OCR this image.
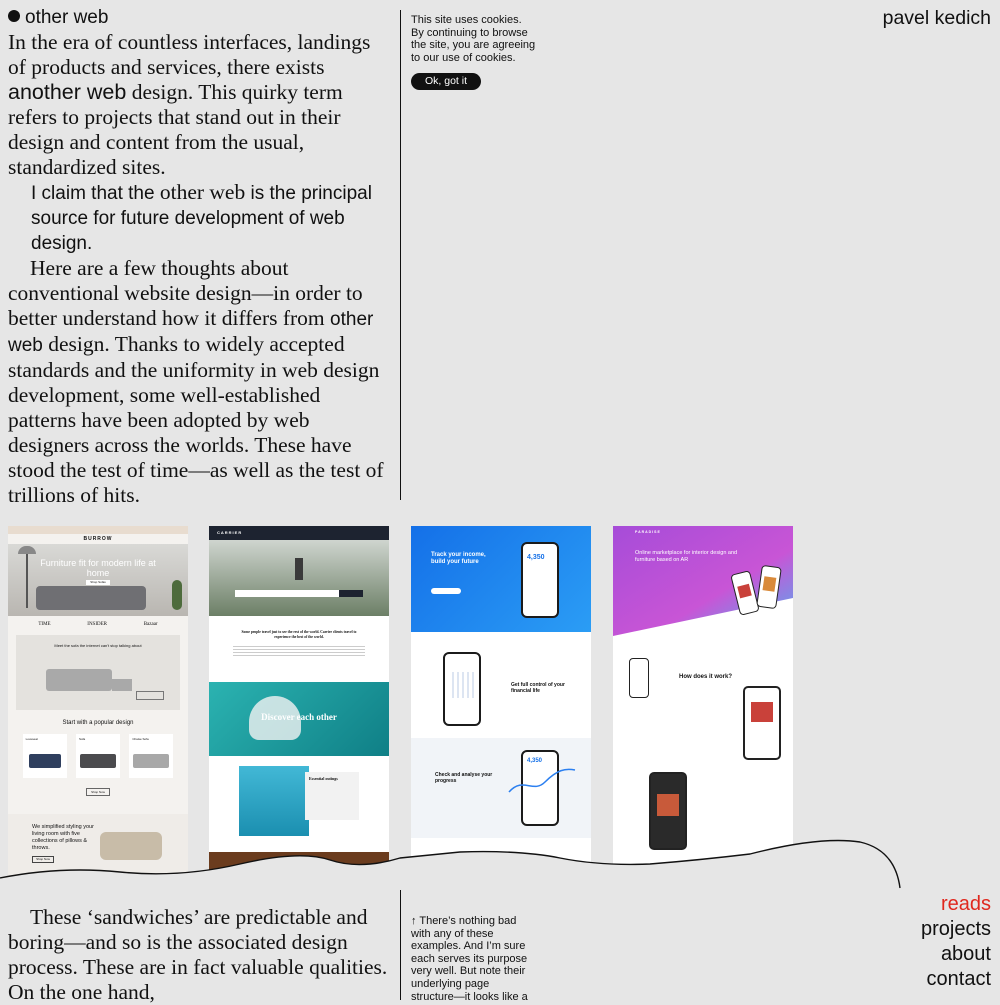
other web

In the era of countless interfaces, landings of products and services, there exists another web design. This quirky term refers to projects that stand out in their design and content from the usual, standardized sites.

I claim that the other web is the principal source for future development of web design.

Here are a few thoughts about conventional website design—in order to better understand how it differs from other web design. Thanks to widely accepted standards and the uniformity in web design development, some well-established patterns have been adopted by web designers across the worlds. These have stood the test of time—as well as the test of trillions of hits.

This site uses cookies. By continuing to browse the site, you are agreeing to our use of cookies.
Ok, got it
pavel kedich
BURROW
Furniture fit for modern life at home
Shop Sofas
TIME	INSIDER	Bazaar
Meet the sofa the internet can't stop talking about
Start with a popular design
Loveseat	Sofa	Chaise Sofa
Shop Now
We simplified styling your living room with five collections of pillows & throws.
Shop Now
CARRIER
Some people travel just to see the rest of the world. Carrier clients travel to experience the best of the world.
Discover each other
Essential outings
Track your income, build your future
4,350
Get full control of your financial life
Check and analyse your progress
4,350
PARADISE
Online marketplace for interior design and furniture based on AR
How does it work?
These ‘sandwiches’ are predictable and boring—and so is the associated design process. These are in fact valuable qualities. On the one hand,
↑ There’s nothing bad with any of these examples. And I’m sure each serves its purpose very well. But note their underlying page structure—it looks like a
reads
projects
about
contact
